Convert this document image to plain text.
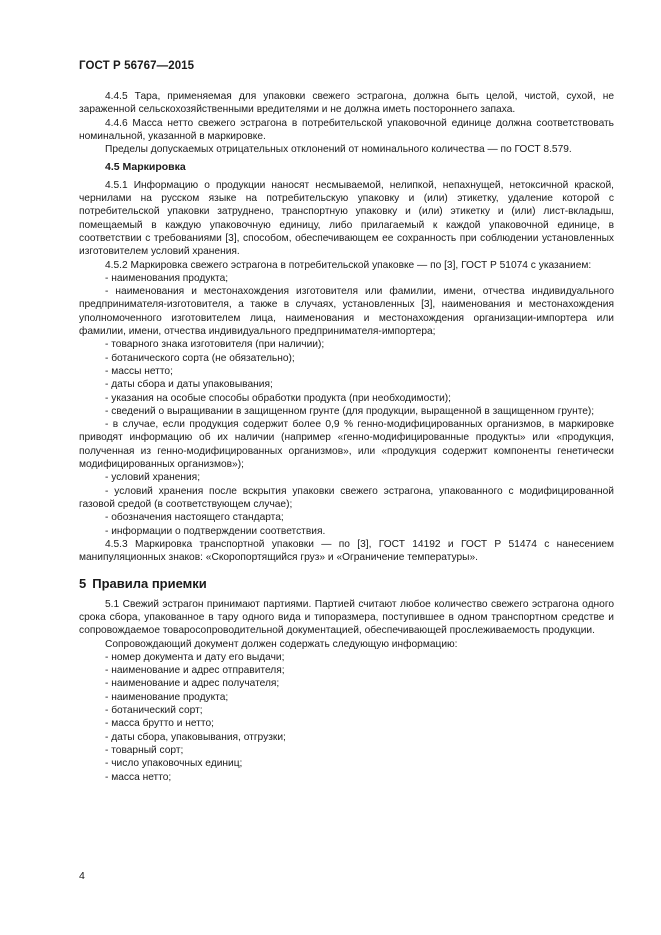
ГОСТ Р 56767—2015

4.4.5 Тара, применяемая для упаковки свежего эстрагона, должна быть целой, чистой, сухой, не зараженной сельскохозяйственными вредителями и не должна иметь постороннего запаха.

4.4.6 Масса нетто свежего эстрагона в потребительской упаковочной единице должна соответствовать номинальной, указанной в маркировке.

Пределы допускаемых отрицательных отклонений от номинального количества — по ГОСТ 8.579.

4.5 Маркировка

4.5.1 Информацию о продукции наносят несмываемой, нелипкой, непахнущей, нетоксичной краской, чернилами на русском языке на потребительскую упаковку и (или) этикетку, удаление которой с потребительской упаковки затруднено, транспортную упаковку и (или) этикетку и (или) лист-вкладыш, помещаемый в каждую упаковочную единицу, либо прилагаемый к каждой упаковочной единице, в соответствии с требованиями [3], способом, обеспечивающем ее сохранность при соблюдении установленных изготовителем условий хранения.

4.5.2 Маркировка свежего эстрагона в потребительской упаковке — по [3], ГОСТ Р 51074 с указанием:

- наименования продукта;

- наименования и местонахождения изготовителя или фамилии, имени, отчества индивидуального предпринимателя-изготовителя, а также в случаях, установленных [3], наименования и местонахождения уполномоченного изготовителем лица, наименования и местонахождения организации-импортера или фамилии, имени, отчества индивидуального предпринимателя-импортера;

- товарного знака изготовителя (при наличии);

- ботанического сорта (не обязательно);

- массы нетто;

- даты сбора и даты упаковывания;

- указания на особые способы обработки продукта (при необходимости);

- сведений о выращивании в защищенном грунте (для продукции, выращенной в защищенном грунте);

- в случае, если продукция содержит более 0,9 % генно-модифицированных организмов, в маркировке приводят информацию об их наличии (например «генно-модифицированные продукты» или «продукция, полученная из генно-модифицированных организмов», или «продукция содержит компоненты генетически модифицированных организмов»);

- условий хранения;

- условий хранения после вскрытия упаковки свежего эстрагона, упакованного с модифицированной газовой средой (в соответствующем случае);

- обозначения настоящего стандарта;

- информации о подтверждении соответствия.

4.5.3 Маркировка транспортной упаковки — по [3], ГОСТ 14192 и ГОСТ Р 51474 с нанесением манипуляционных знаков: «Скоропортящийся груз» и «Ограничение температуры».

5 Правила приемки

5.1 Свежий эстрагон принимают партиями. Партией считают любое количество свежего эстрагона одного срока сбора, упакованное в тару одного вида и типоразмера, поступившее в одном транспортном средстве и сопровождаемое товаросопроводительной документацией, обеспечивающей прослеживаемость продукции.

Сопровождающий документ должен содержать следующую информацию:

- номер документа и дату его выдачи;

- наименование и адрес отправителя;

- наименование и адрес получателя;

- наименование продукта;

- ботанический сорт;

- масса брутто и нетто;

- даты сбора, упаковывания, отгрузки;

- товарный сорт;

- число упаковочных единиц;

- масса нетто;

4
